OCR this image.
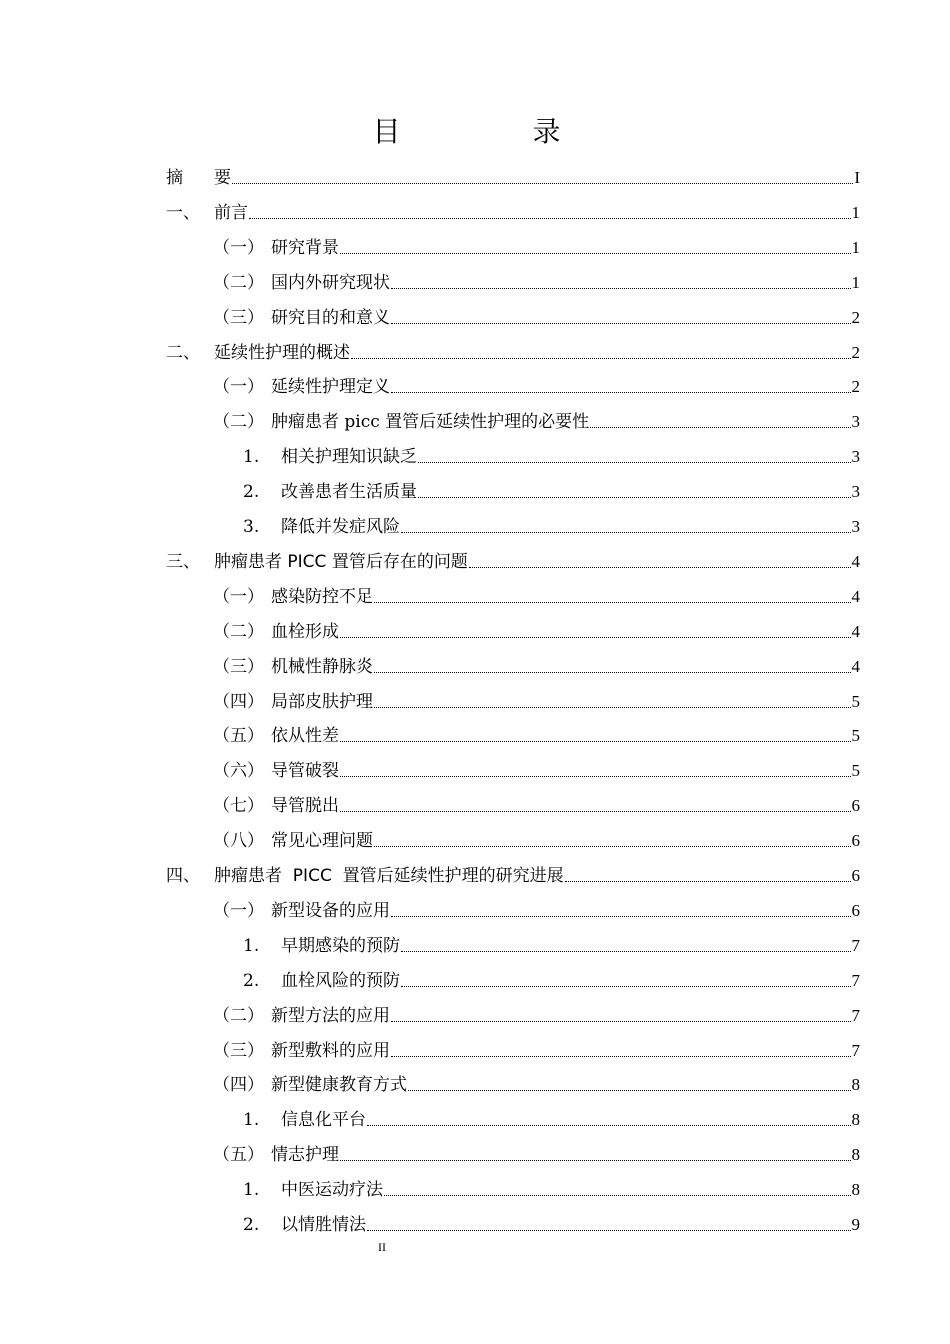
目　录
摘　 要	I
一、 前言	1
（一） 研究背景	1
（二） 国内外研究现状	1
（三） 研究目的和意义	2
二、 延续性护理的概述	2
（一） 延续性护理定义	2
（二） 肿瘤患者 picc 置管后延续性护理的必要性	3
1.	相关护理知识缺乏	3
2.	改善患者生活质量	3
3.	降低并发症风险	3
三、 肿瘤患者 PICC 置管后存在的问题	4
（一） 感染防控不足	4
（二） 血栓形成	4
（三） 机械性静脉炎	4
（四） 局部皮肤护理	5
（五） 依从性差	5
（六） 导管破裂	5
（七） 导管脱出	6
（八） 常见心理问题	6
四、 肿瘤患者  PICC  置管后延续性护理的研究进展	6
（一） 新型设备的应用	6
1.	早期感染的预防	7
2.	血栓风险的预防	7
（二） 新型方法的应用	7
（三） 新型敷料的应用	7
（四） 新型健康教育方式	8
1.	信息化平台	8
（五） 情志护理	8
1.	中医运动疗法	8
2.	以情胜情法	9
II
